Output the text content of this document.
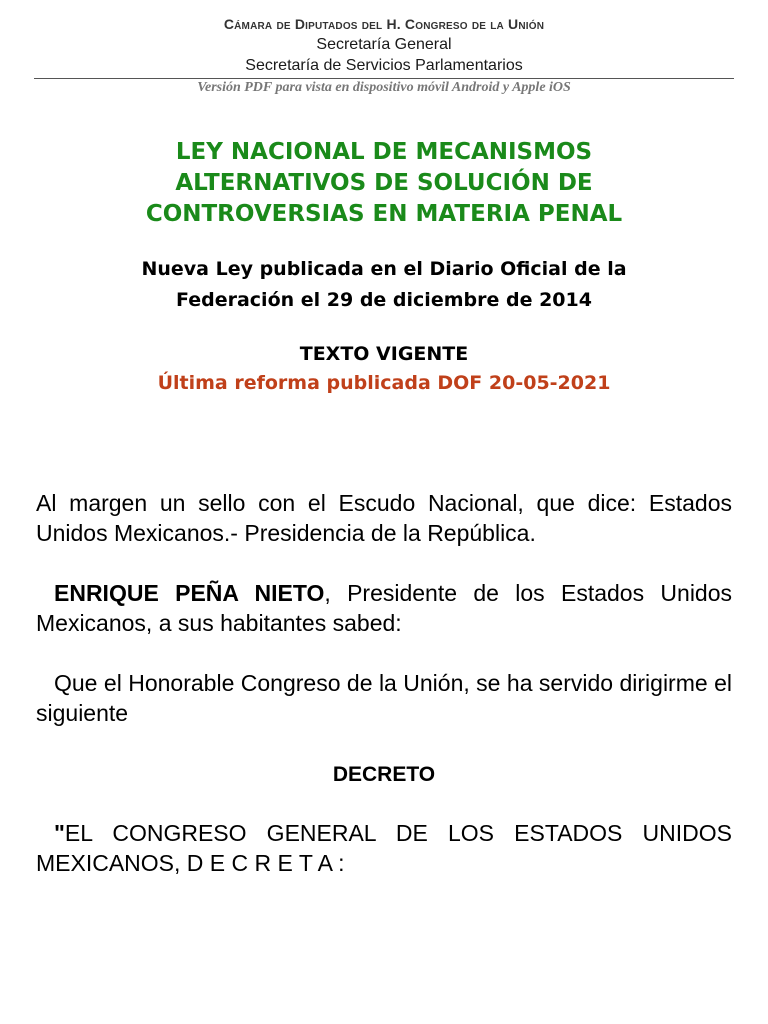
Cámara de Diputados del H. Congreso de la Unión
Secretaría General
Secretaría de Servicios Parlamentarios
Versión PDF para vista en dispositivo móvil Android y Apple iOS
LEY NACIONAL DE MECANISMOS
ALTERNATIVOS DE SOLUCIÓN DE
CONTROVERSIAS EN MATERIA PENAL
Nueva Ley publicada en el Diario Oficial de la
Federación el 29 de diciembre de 2014
TEXTO VIGENTE
Última reforma publicada DOF 20-05-2021
Al margen un sello con el Escudo Nacional, que dice: Estados Unidos Mexicanos.- Presidencia de la República.
ENRIQUE PEÑA NIETO, Presidente de los Estados Unidos Mexicanos, a sus habitantes sabed:
Que el Honorable Congreso de la Unión, se ha servido dirigirme el siguiente
DECRETO
"EL CONGRESO GENERAL DE LOS ESTADOS UNIDOS MEXICANOS, D E C R E T A :
